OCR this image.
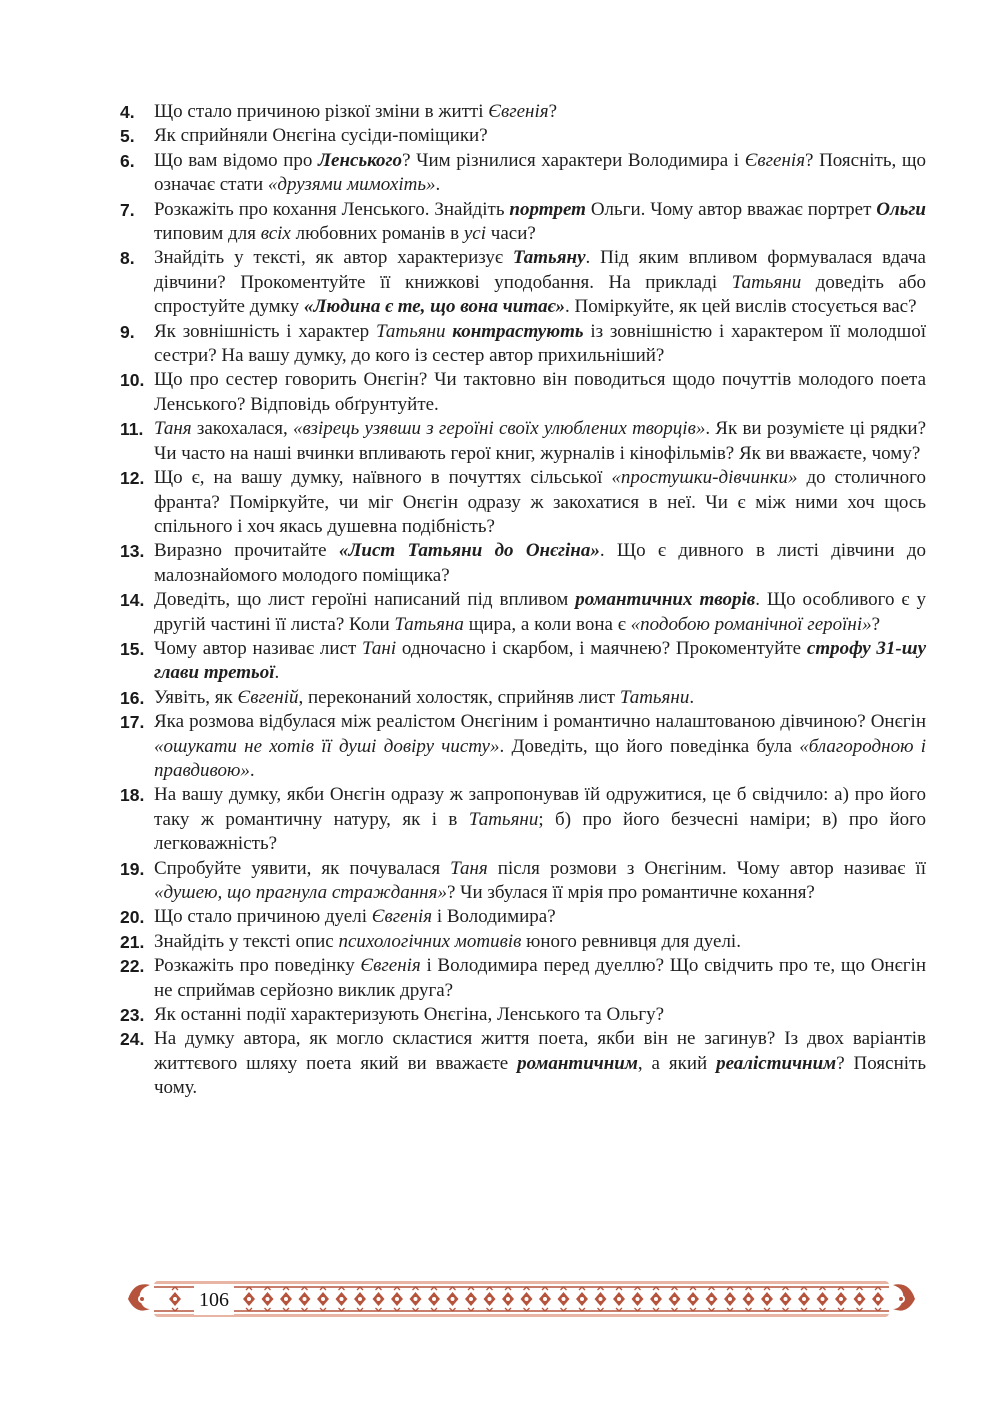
4.	Що стало причиною різкої зміни в житті Євгенія?
5.	Як сприйняли Онєгіна сусіди-поміщики?
6.	Що вам відомо про Ленського? Чим різнилися характери Володимира і Євгенія? Поясніть, що означає стати «друзями мимохіть».
7.	Розкажіть про кохання Ленського. Знайдіть портрет Ольги. Чому автор вважає портрет Ольги типовим для всіх любовних романів в усі часи?
8.	Знайдіть у тексті, як автор характеризує Татьяну. Під яким впливом формувалася вдача дівчини? Прокоментуйте її книжкові уподобання. На прикладі Татьяни доведіть або спростуйте думку «Людина є те, що вона читає». Поміркуйте, як цей вислів стосується вас?
9.	Як зовнішність і характер Татьяни контрастують із зовнішністю і характером її молодшої сестри? На вашу думку, до кого із сестер автор прихильніший?
10. Що про сестер говорить Онєгін? Чи тактовно він поводиться щодо почуттів молодого поета Ленського? Відповідь обґрунтуйте.
11. Таня закохалася, «взірець узявши з героїні своїх улюблених творців». Як ви розумієте ці рядки? Чи часто на наші вчинки впливають герої книг, журналів і кінофільмів? Як ви вважаєте, чому?
12. Що є, на вашу думку, наївного в почуттях сільської «простушки-дівчинки» до столичного франта? Поміркуйте, чи міг Онєгін одразу ж закохатися в неї. Чи є між ними хоч щось спільного і хоч якась душевна подібність?
13. Виразно прочитайте «Лист Татьяни до Онєгіна». Що є дивного в листі дівчини до малознайомого молодого поміщика?
14. Доведіть, що лист героїні написаний під впливом романтичних творів. Що особливого є у другій частині її листа? Коли Татьяна щира, а коли вона є «подобою романічної героїні»?
15. Чому автор називає лист Тані одночасно і скарбом, і маячнею? Прокоментуйте строфу 31-шу глави третьої.
16. Уявіть, як Євгеній, переконаний холостяк, сприйняв лист Татьяни.
17. Яка розмова відбулася між реалістом Онєгіним і романтично налаштованою дівчиною? Онєгін «ошукати не хотів її душі довіру чисту». Доведіть, що його поведінка була «благородною і правдивою».
18. На вашу думку, якби Онєгін одразу ж запропонував їй одружитися, це б свідчило: а) про його таку ж романтичну натуру, як і в Татьяни; б) про його безчесні наміри; в) про його легковажність?
19. Спробуйте уявити, як почувалася Таня після розмови з Онєгіним. Чому автор називає її «душею, що прагнула страждання»? Чи збулася її мрія про романтичне кохання?
20. Що стало причиною дуелі Євгенія і Володимира?
21. Знайдіть у тексті опис психологічних мотивів юного ревнивця для дуелі.
22. Розкажіть про поведінку Євгенія і Володимира перед дуеллю? Що свідчить про те, що Онєгін не сприймав серйозно виклик друга?
23. Як останні події характеризують Онєгіна, Ленського та Ольгу?
24. На думку автора, як могло скластися життя поета, якби він не загинув? Із двох варіантів життєвого шляху поета який ви вважаєте романтичним, а який реалістичним? Поясніть чому.
106
